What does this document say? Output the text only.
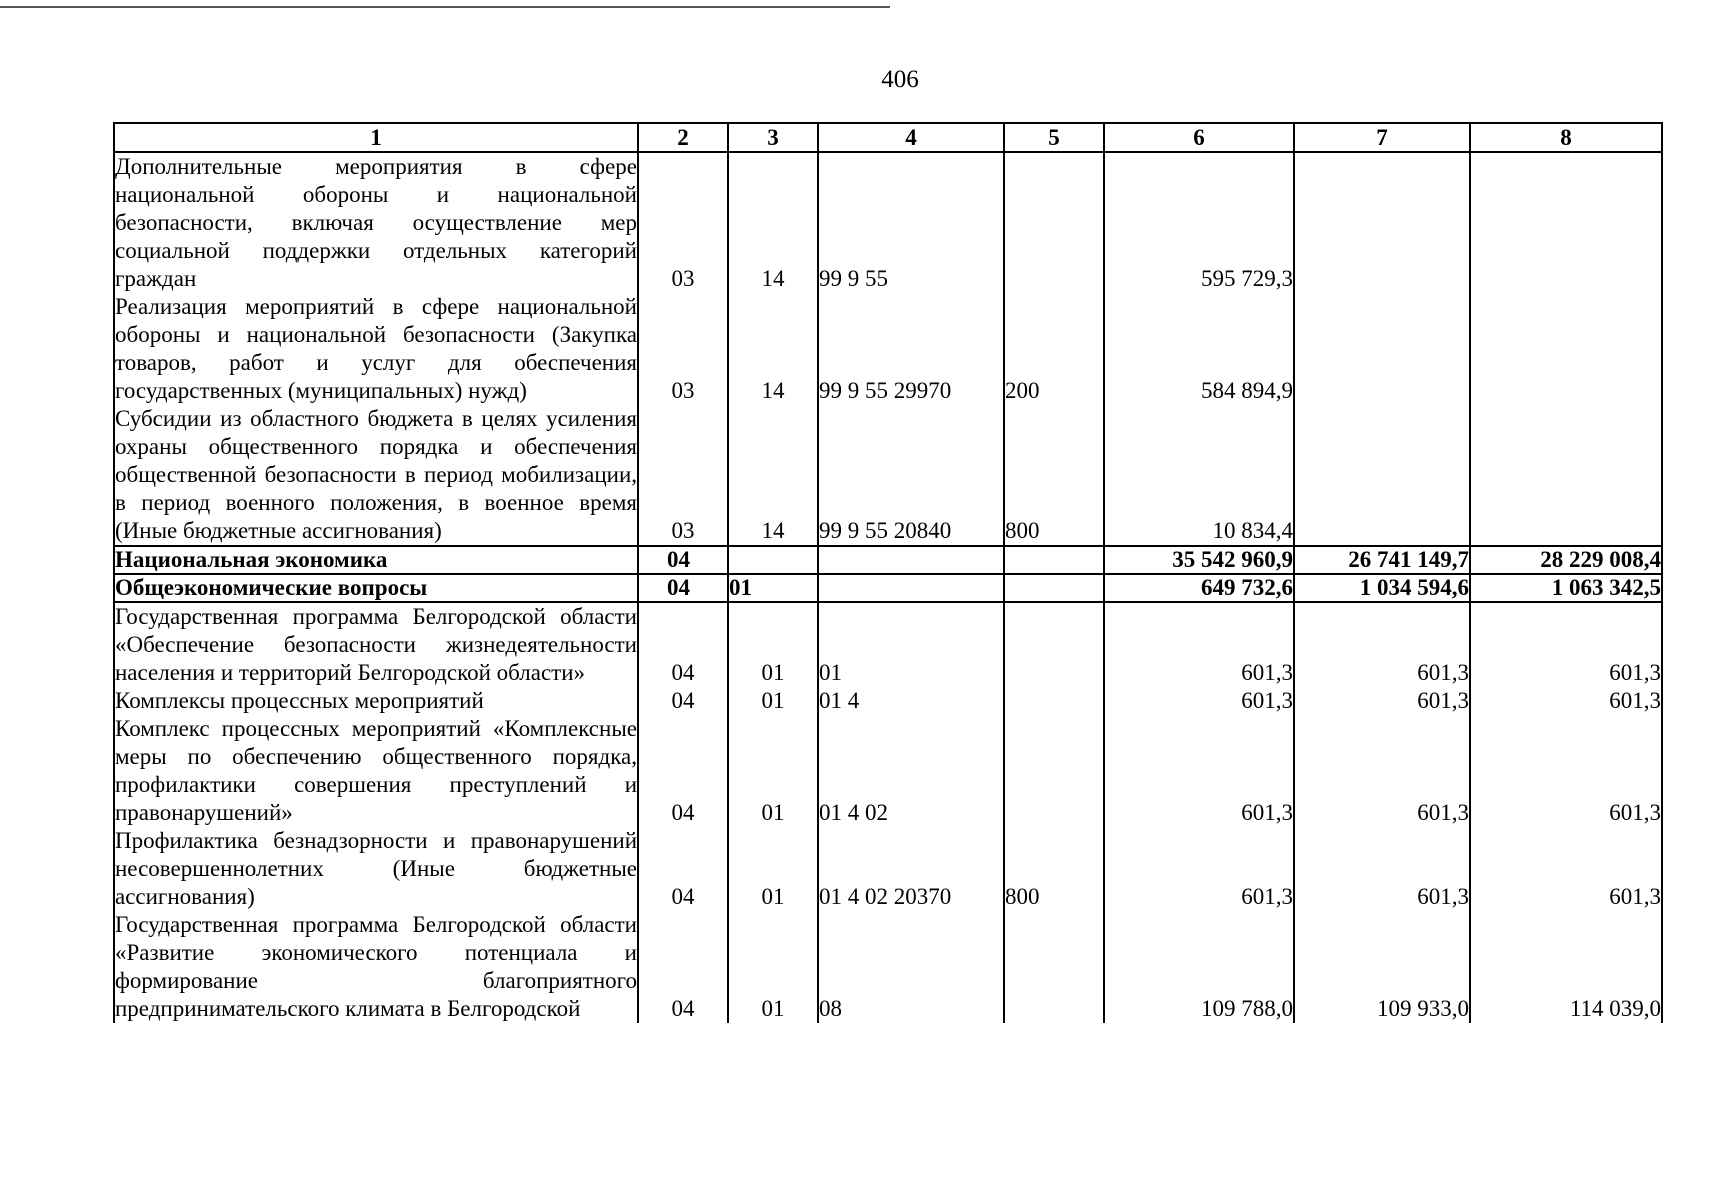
406
1	2	3	4	5	6	7	8
Дополнительные мероприятия в сфере национальной обороны и национальной безопасности, включая осуществление мер социальной поддержки отдельных категорий граждан	03	14	99 9 55		595 729,3		
Реализация мероприятий в сфере национальной обороны и национальной безопасности (Закупка товаров, работ и услуг для обеспечения государственных (муниципальных) нужд)	03	14	99 9 55 29970	200	584 894,9		
Субсидии из областного бюджета в целях усиления охраны общественного порядка и обеспечения общественной безопасности в период мобилизации, в период военного положения, в военное время (Иные бюджетные ассигнования)	03	14	99 9 55 20840	800	10 834,4		
Национальная экономика	04				35 542 960,9	26 741 149,7	28 229 008,4
Общеэкономические вопросы	04	01			649 732,6	1 034 594,6	1 063 342,5
Государственная программа Белгородской области «Обеспечение безопасности жизнедеятельности населения и территорий Белгородской области»	04	01	01		601,3	601,3	601,3
Комплексы процессных мероприятий	04	01	01 4		601,3	601,3	601,3
Комплекс процессных мероприятий «Комплексные меры по обеспечению общественного порядка, профилактики совершения преступлений и правонарушений»	04	01	01 4 02		601,3	601,3	601,3
Профилактика безнадзорности и правонарушений несовершеннолетних (Иные бюджетные ассигнования)	04	01	01 4 02 20370	800	601,3	601,3	601,3
Государственная программа Белгородской области «Развитие экономического потенциала и формирование благоприятного предпринимательского климата в Белгородской	04	01	08		109 788,0	109 933,0	114 039,0
